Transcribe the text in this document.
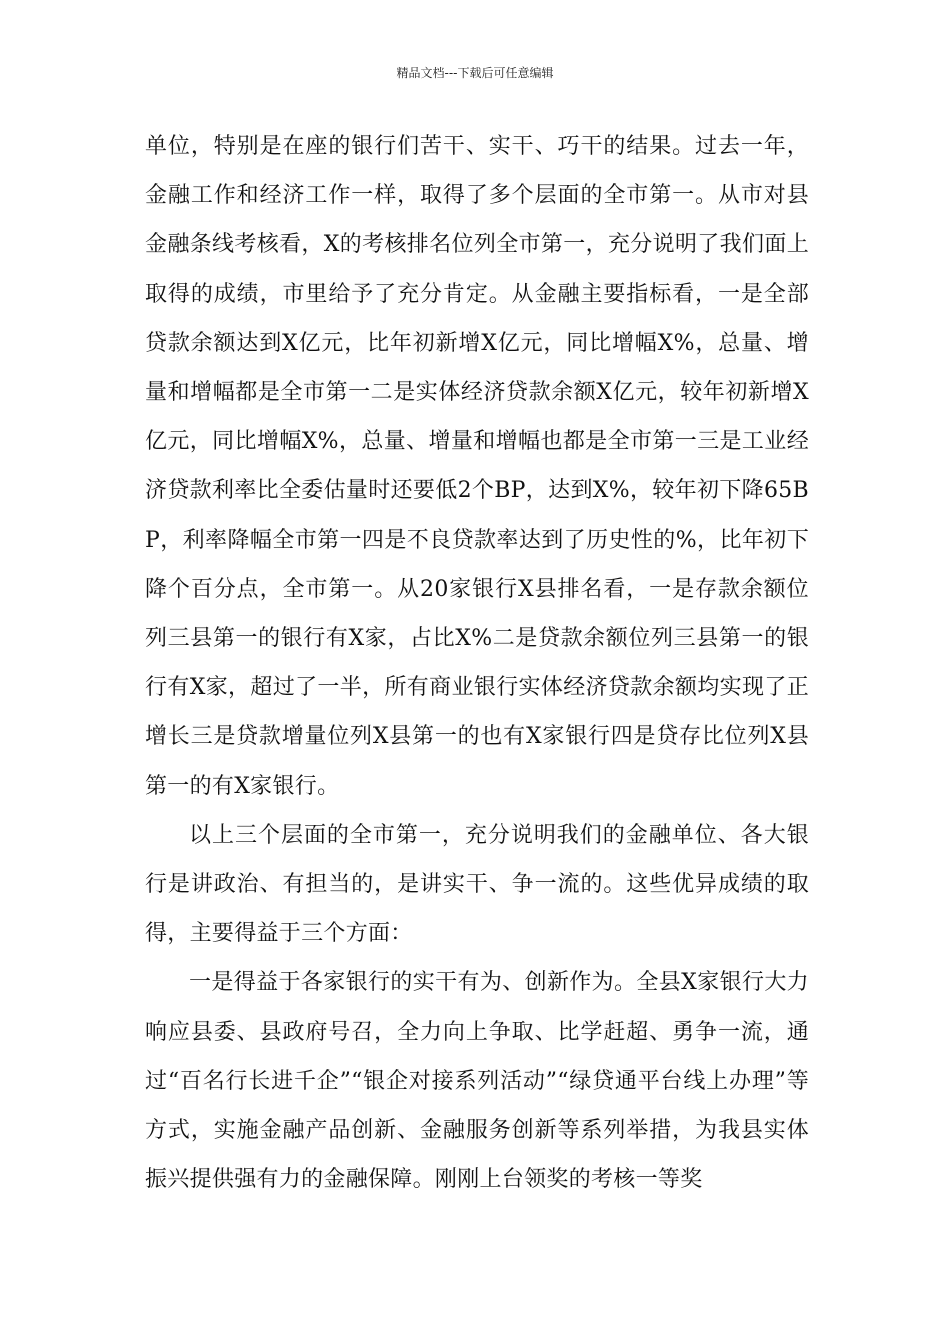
精品文档---下载后可任意编辑

单位，特别是在座的银行们苦干、实干、巧干的结果。过去一年，金融工作和经济工作一样，取得了多个层面的全市第一。从市对县金融条线考核看，X的考核排名位列全市第一，充分说明了我们面上取得的成绩，市里给予了充分肯定。从金融主要指标看，一是全部贷款余额达到X亿元，比年初新增X亿元，同比增幅X%，总量、增量和增幅都是全市第一二是实体经济贷款余额X亿元，较年初新增X亿元，同比增幅X%，总量、增量和增幅也都是全市第一三是工业经济贷款利率比全委估量时还要低2个BP，达到X%，较年初下降65BP，利率降幅全市第一四是不良贷款率达到了历史性的%，比年初下降个百分点，全市第一。从20家银行X县排名看，一是存款余额位列三县第一的银行有X家，占比X%二是贷款余额位列三县第一的银行有X家，超过了一半，所有商业银行实体经济贷款余额均实现了正增长三是贷款增量位列X县第一的也有X家银行四是贷存比位列X县第一的有X家银行。

以上三个层面的全市第一，充分说明我们的金融单位、各大银行是讲政治、有担当的，是讲实干、争一流的。这些优异成绩的取得，主要得益于三个方面：

一是得益于各家银行的实干有为、创新作为。全县X家银行大力响应县委、县政府号召，全力向上争取、比学赶超、勇争一流，通过“百名行长进千企”“银企对接系列活动”“绿贷通平台线上办理”等方式，实施金融产品创新、金融服务创新等系列举措，为我县实体振兴提供强有力的金融保障。刚刚上台领奖的考核一等奖
